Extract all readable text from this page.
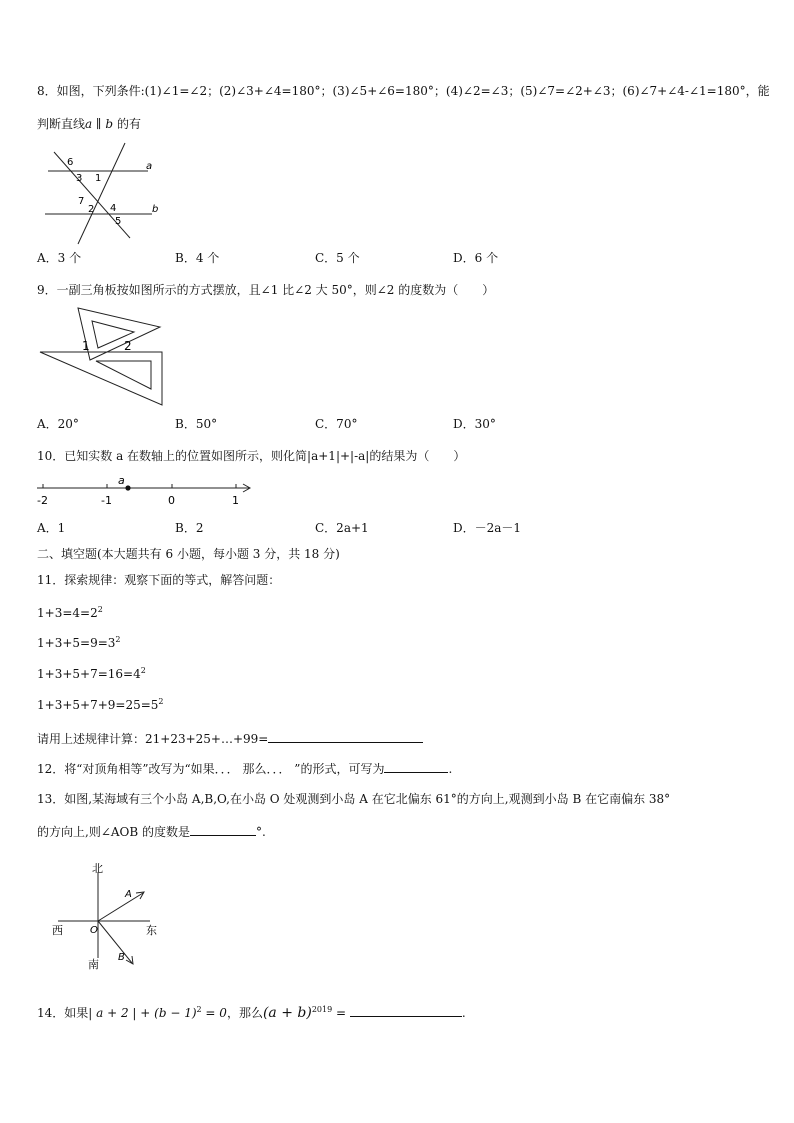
8．如图，下列条件:(1)∠1=∠2；(2)∠3+∠4=180°；(3)∠5+∠6=180°；(4)∠2=∠3；(5)∠7=∠2+∠3；(6)∠7+∠4-∠1=180°，能
判断直线a ∥ b 的有
6
3 1
a
7
2 4
5
b
A．3 个	B．4 个	C．5 个	D．6 个
9．一副三角板按如图所示的方式摆放，且∠1 比∠2 大 50°，则∠2 的度数为（　　）
1	2
A．20°	B．50°	C．70°	D．30°
10．已知实数 a 在数轴上的位置如图所示，则化简|a+1|+|-a|的结果为（　　）
a
-2	-1	0	1
A．1	B．2	C．2a+1	D．－2a－1
二、填空题(本大题共有 6 小题，每小题 3 分，共 18 分)
11．探索规律：观察下面的等式，解答问题：
$1+3=4=2^2$
$1+3+5=9=3^2$
$1+3+5+7=16=4^2$
$1+3+5+7+9=25=5^2$
请用上述规律计算：21+23+25+…+99=
12．将“对顶角相等”改写为“如果．．． 那么．．． ”的形式，可写为	.
13．如图,某海域有三个小岛 A,B,O,在小岛 O 处观测到小岛 A 在它北偏东 61°的方向上,观测到小岛 B 在它南偏东 38°
的方向上,则∠AOB 的度数是	°.
北
A
西	O	东
B
南
14．如果| a + 2 | + $(b - 1)^2 = 0$，那么$(a + b)^{2019}$ =	.
